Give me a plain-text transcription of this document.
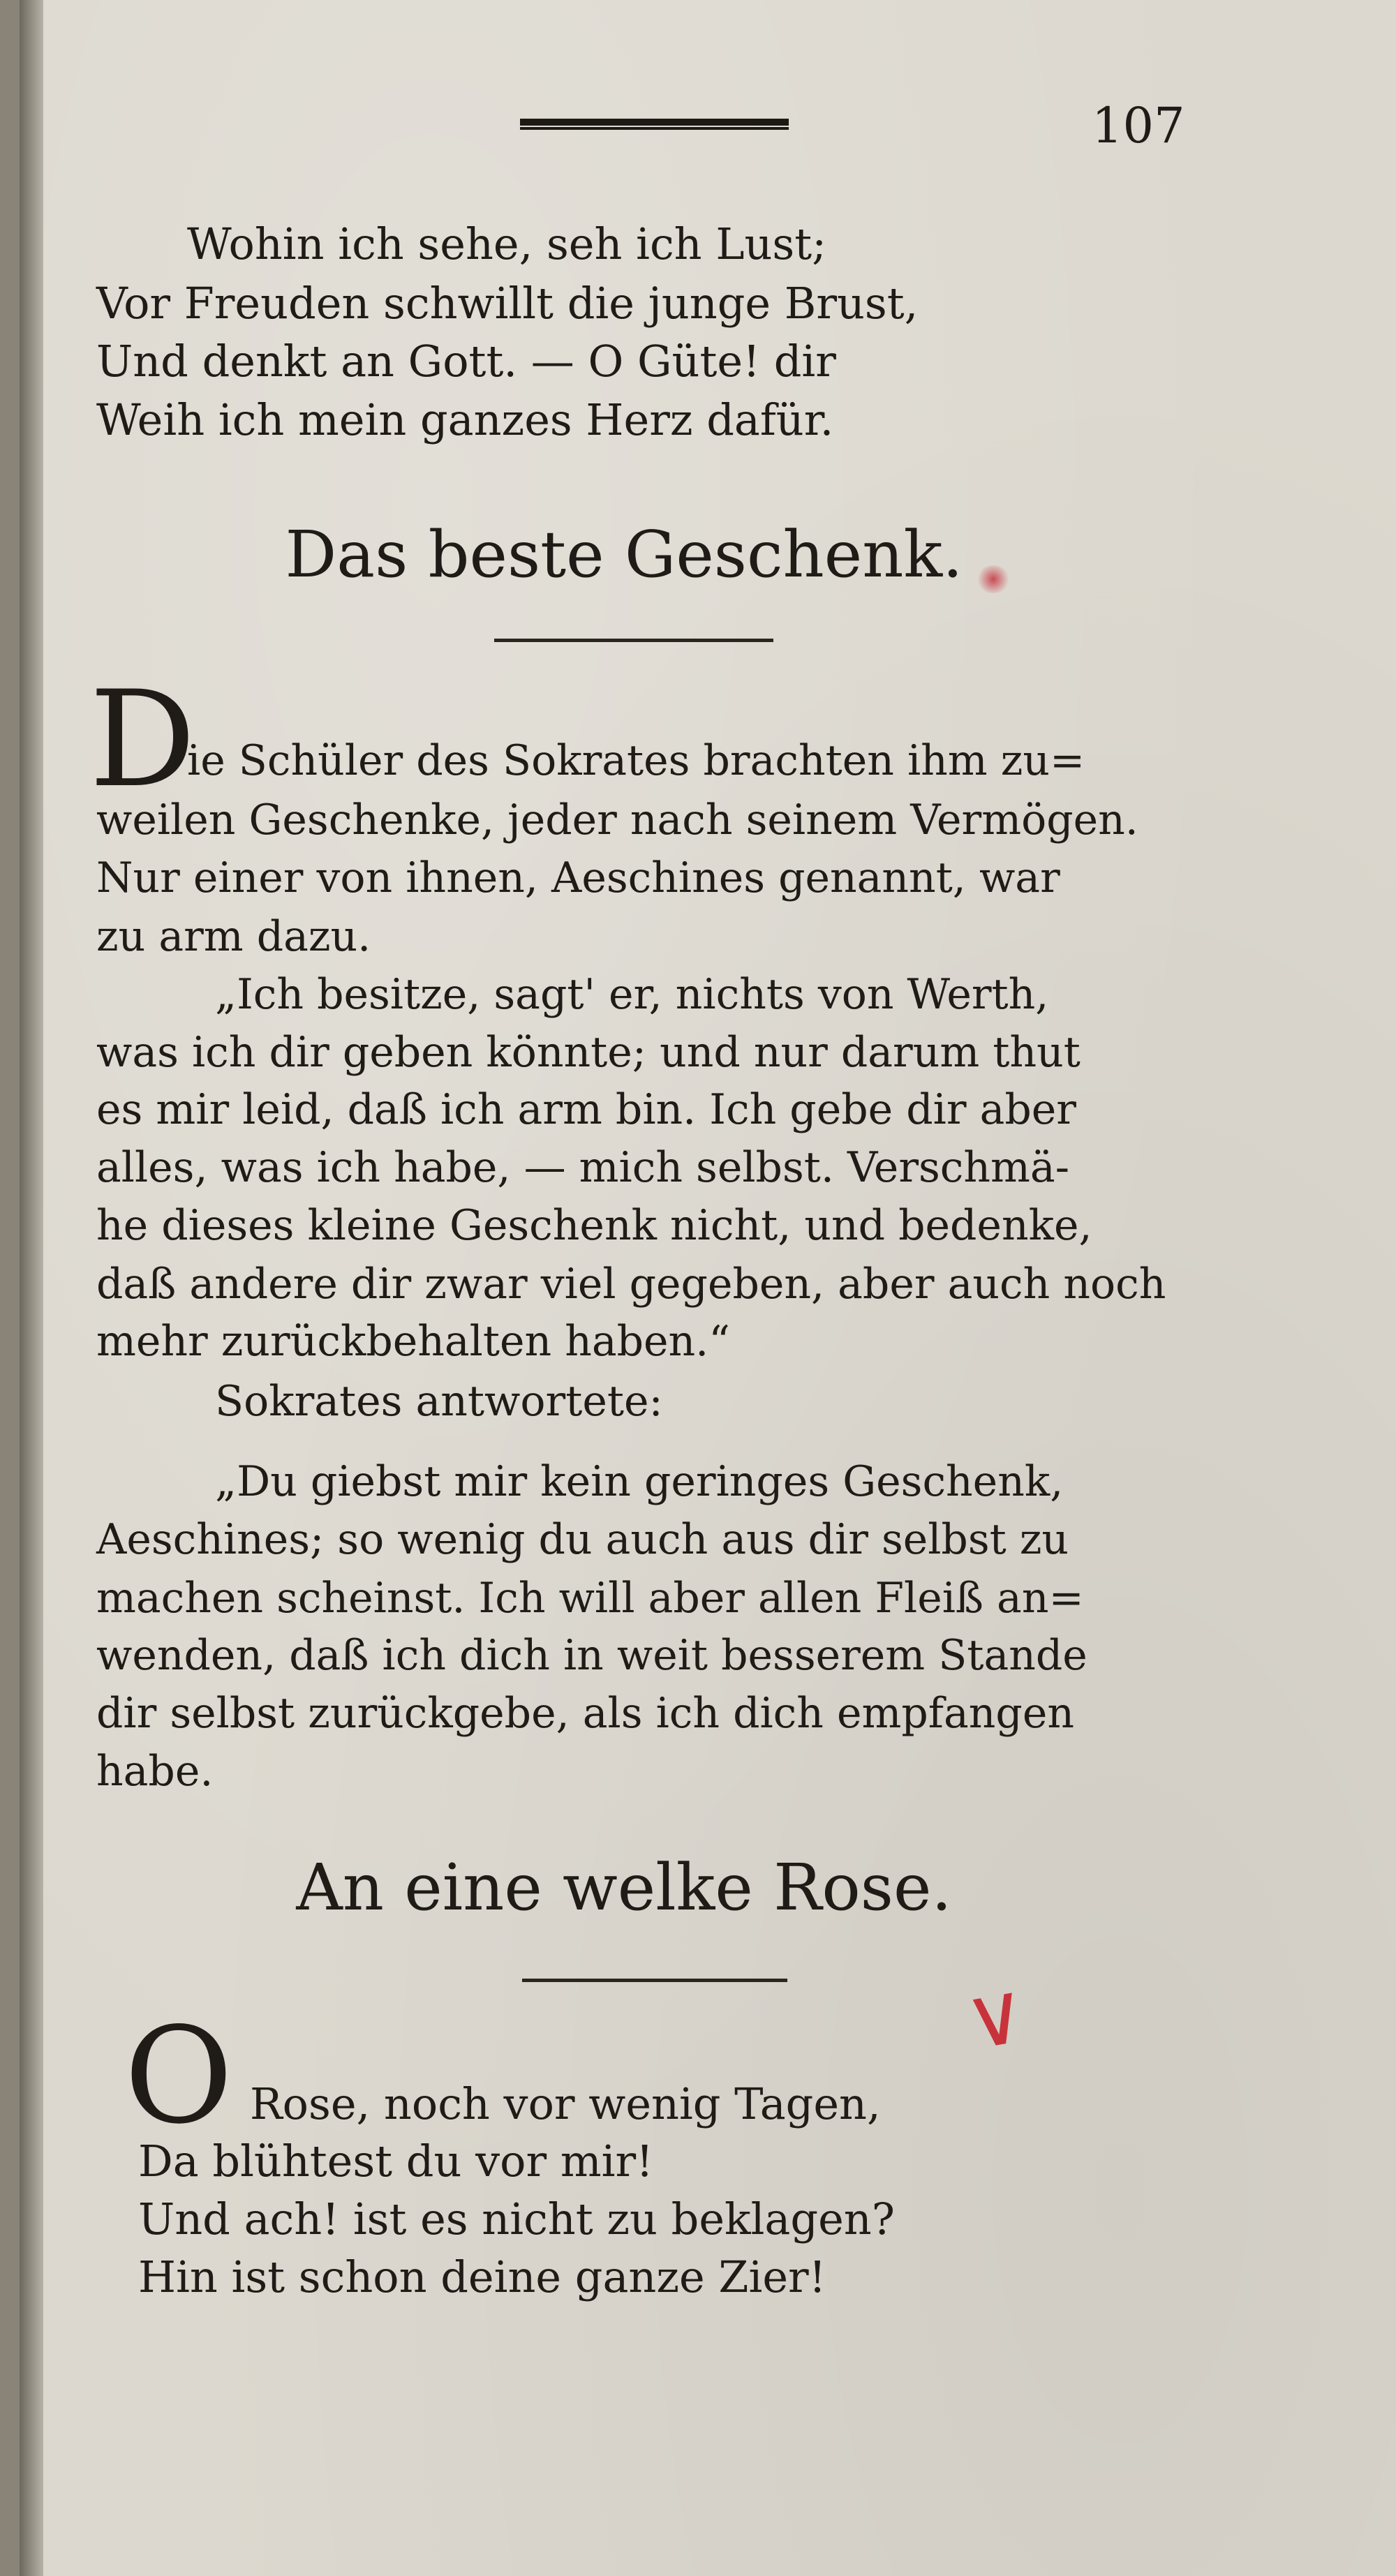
107
Wohin ich sehe, seh ich Lust;
Vor Freuden schwillt die junge Brust,
Und denkt an Gott. — O Güte! dir
Weih ich mein ganzes Herz dafür.
Das beste Geschenk.
D
ie Schüler des Sokrates brachten ihm zu=
weilen Geschenke, jeder nach seinem Vermögen.
Nur einer von ihnen, Aeschines genannt, war
zu arm dazu.
„Ich besitze, sagt' er, nichts von Werth,
was ich dir geben könnte; und nur darum thut
es mir leid, daß ich arm bin. Ich gebe dir aber
alles, was ich habe, — mich selbst. Verschmä-
he dieses kleine Geschenk nicht, und bedenke,
daß andere dir zwar viel gegeben, aber auch noch
mehr zurückbehalten haben.“
Sokrates antwortete:
„Du giebst mir kein geringes Geschenk,
Aeschines; so wenig du auch aus dir selbst zu
machen scheinst. Ich will aber allen Fleiß an=
wenden, daß ich dich in weit besserem Stande
dir selbst zurückgebe, als ich dich empfangen
habe.
An eine welke Rose.
∨
O Rose, noch vor wenig Tagen,
Da blühtest du vor mir!
Und ach! ist es nicht zu beklagen?
Hin ist schon deine ganze Zier!
